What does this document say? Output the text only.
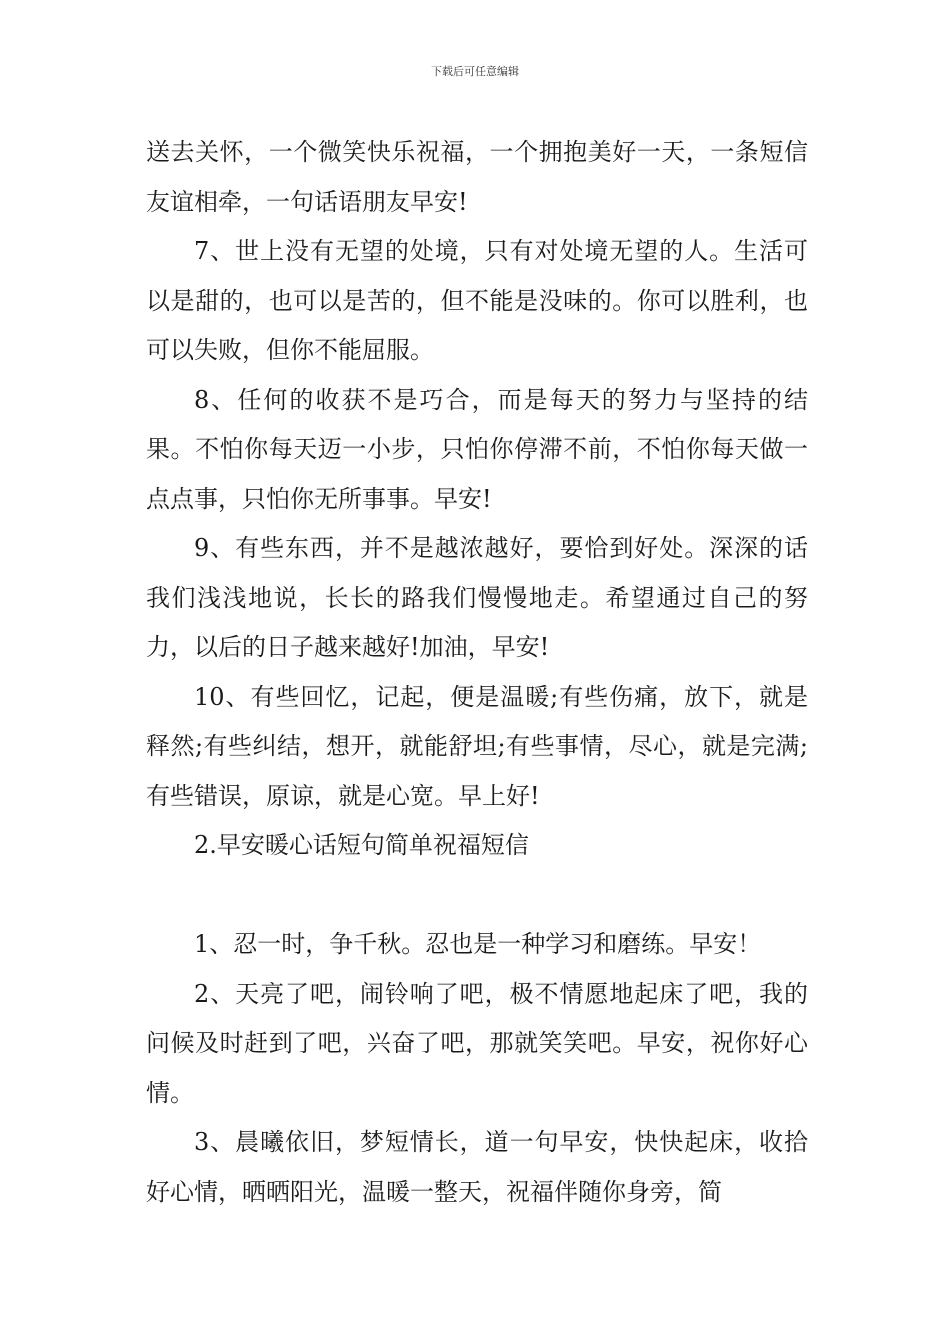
下载后可任意编辑

送去关怀，一个微笑快乐祝福，一个拥抱美好一天，一条短信友谊相牵，一句话语朋友早安!

7、世上没有无望的处境，只有对处境无望的人。生活可以是甜的，也可以是苦的，但不能是没味的。你可以胜利，也可以失败，但你不能屈服。

8、任何的收获不是巧合，而是每天的努力与坚持的结果。不怕你每天迈一小步，只怕你停滞不前，不怕你每天做一点点事，只怕你无所事事。早安!

9、有些东西，并不是越浓越好，要恰到好处。深深的话我们浅浅地说，长长的路我们慢慢地走。希望通过自己的努力，以后的日子越来越好!加油，早安!

10、有些回忆，记起，便是温暖;有些伤痛，放下，就是释然;有些纠结，想开，就能舒坦;有些事情，尽心，就是完满;有些错误，原谅，就是心宽。早上好!

2.早安暖心话短句简单祝福短信

1、忍一时，争千秋。忍也是一种学习和磨练。早安！

2、天亮了吧，闹铃响了吧，极不情愿地起床了吧，我的问候及时赶到了吧，兴奋了吧，那就笑笑吧。早安，祝你好心情。

3、晨曦依旧，梦短情长，道一句早安，快快起床，收拾好心情，晒晒阳光，温暖一整天，祝福伴随你身旁，简
